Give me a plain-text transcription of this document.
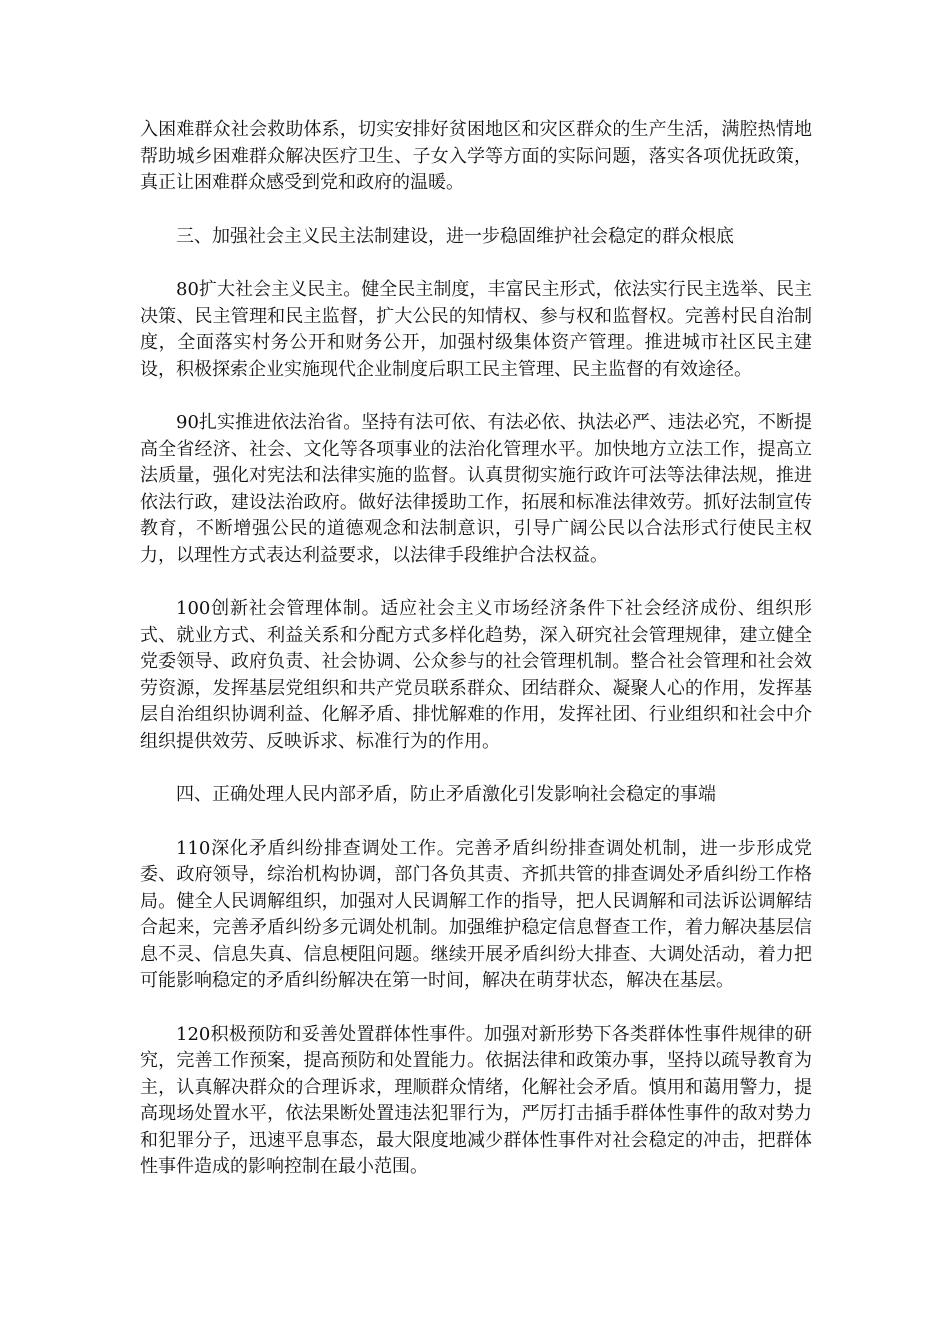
入困难群众社会救助体系，切实安排好贫困地区和灾区群众的生产生活，满腔热情地帮助城乡困难群众解决医疗卫生、子女入学等方面的实际问题，落实各项优抚政策，真正让困难群众感受到党和政府的温暖。

三、加强社会主义民主法制建设，进一步稳固维护社会稳定的群众根底

80扩大社会主义民主。健全民主制度，丰富民主形式，依法实行民主选举、民主决策、民主管理和民主监督，扩大公民的知情权、参与权和监督权。完善村民自治制度，全面落实村务公开和财务公开，加强村级集体资产管理。推进城市社区民主建设，积极探索企业实施现代企业制度后职工民主管理、民主监督的有效途径。

90扎实推进依法治省。坚持有法可依、有法必依、执法必严、违法必究，不断提高全省经济、社会、文化等各项事业的法治化管理水平。加快地方立法工作，提高立法质量，强化对宪法和法律实施的监督。认真贯彻实施行政许可法等法律法规，推进依法行政，建设法治政府。做好法律援助工作，拓展和标准法律效劳。抓好法制宣传教育，不断增强公民的道德观念和法制意识，引导广阔公民以合法形式行使民主权力，以理性方式表达利益要求，以法律手段维护合法权益。

100创新社会管理体制。适应社会主义市场经济条件下社会经济成份、组织形式、就业方式、利益关系和分配方式多样化趋势，深入研究社会管理规律，建立健全党委领导、政府负责、社会协调、公众参与的社会管理机制。整合社会管理和社会效劳资源，发挥基层党组织和共产党员联系群众、团结群众、凝聚人心的作用，发挥基层自治组织协调利益、化解矛盾、排忧解难的作用，发挥社团、行业组织和社会中介组织提供效劳、反映诉求、标准行为的作用。

四、正确处理人民内部矛盾，防止矛盾激化引发影响社会稳定的事端

110深化矛盾纠纷排查调处工作。完善矛盾纠纷排查调处机制，进一步形成党委、政府领导，综治机构协调，部门各负其责、齐抓共管的排查调处矛盾纠纷工作格局。健全人民调解组织，加强对人民调解工作的指导，把人民调解和司法诉讼调解结合起来，完善矛盾纠纷多元调处机制。加强维护稳定信息督查工作，着力解决基层信息不灵、信息失真、信息梗阻问题。继续开展矛盾纠纷大排查、大调处活动，着力把可能影响稳定的矛盾纠纷解决在第一时间，解决在萌芽状态，解决在基层。

120积极预防和妥善处置群体性事件。加强对新形势下各类群体性事件规律的研究，完善工作预案，提高预防和处置能力。依据法律和政策办事，坚持以疏导教育为主，认真解决群众的合理诉求，理顺群众情绪，化解社会矛盾。慎用和蔼用警力，提高现场处置水平，依法果断处置违法犯罪行为，严厉打击插手群体性事件的敌对势力和犯罪分子，迅速平息事态，最大限度地减少群体性事件对社会稳定的冲击，把群体性事件造成的影响控制在最小范围。
